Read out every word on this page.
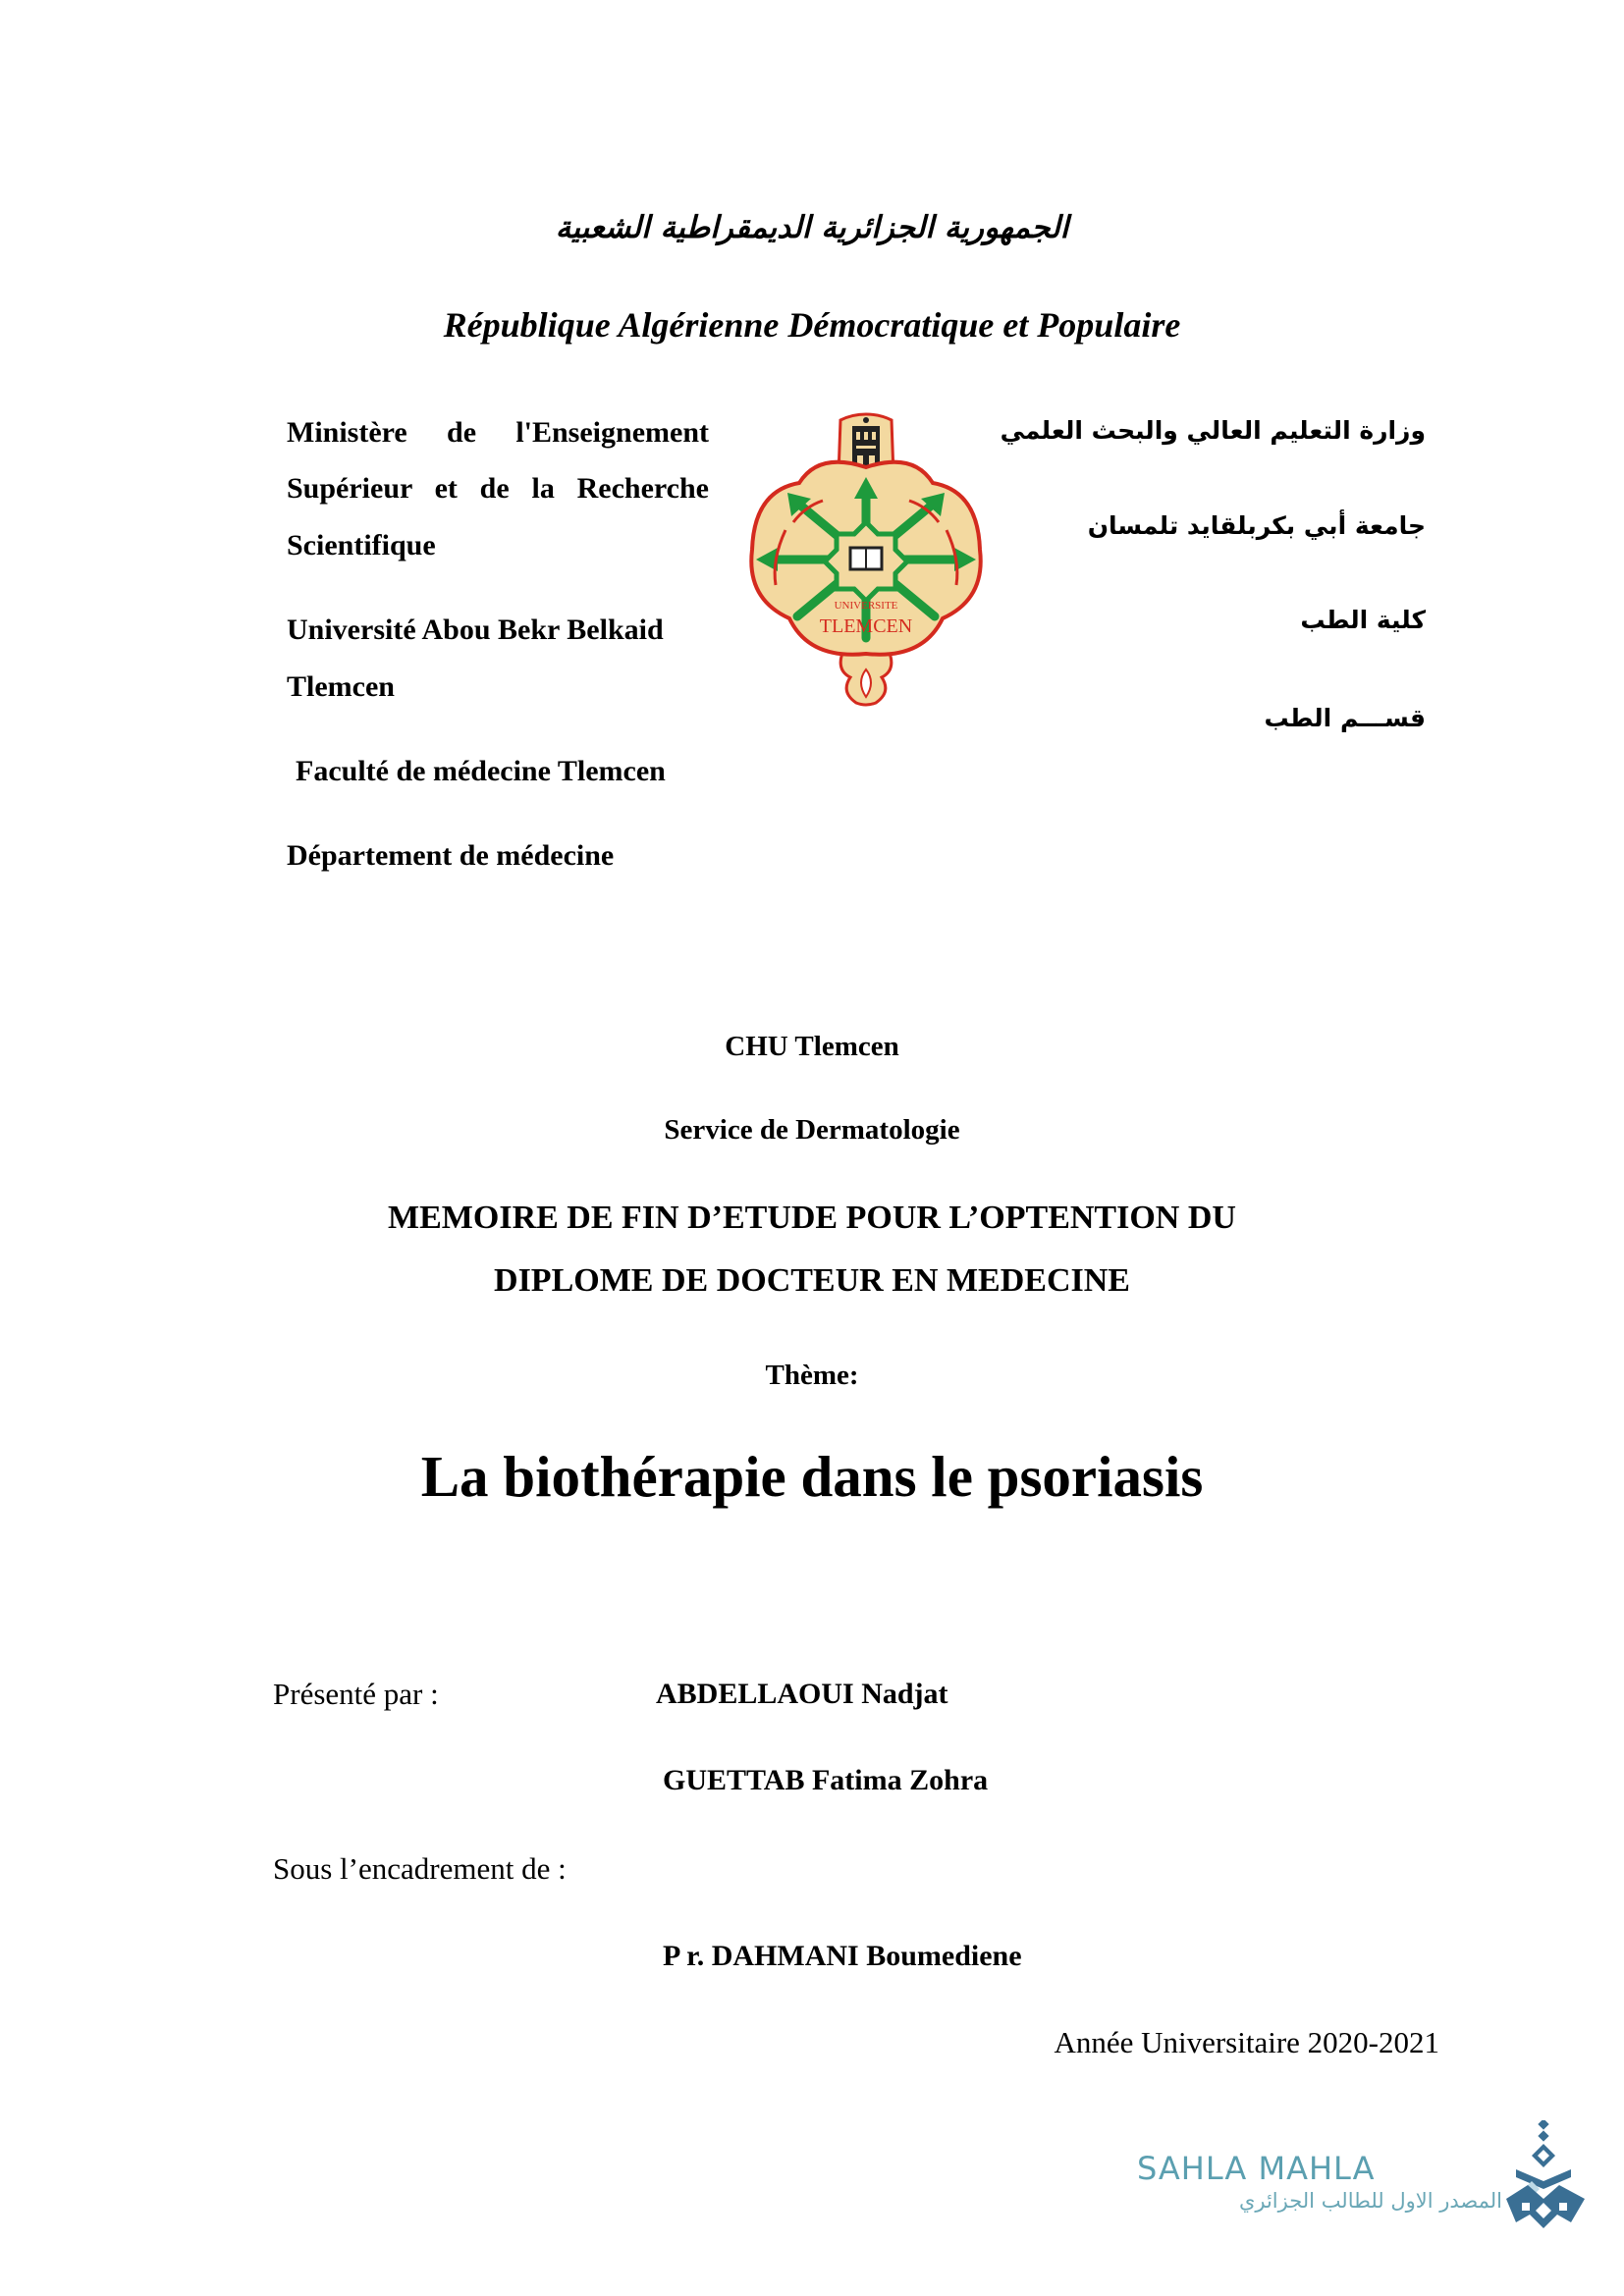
الجمهورية الجزائرية الديمقراطية الشعبية
République Algérienne Démocratique et Populaire
Ministère de l'Enseignement
Supérieur et de la Recherche
Scientifique
Université Abou Bekr Belkaid
Tlemcen
Faculté de médecine Tlemcen
Département de médecine
UNIVERSITE
TLEMCEN
وزارة التعليم العالي والبحث العلمي
جامعة أبي بكربلقايد تلمسان
كلية الطب
قســـم الطب
CHU Tlemcen
Service de Dermatologie
MEMOIRE DE FIN D’ETUDE POUR L’OPTENTION DU
DIPLOME DE DOCTEUR EN MEDECINE
Thème:
La biothérapie dans le psoriasis
Présenté par :	ABDELLAOUI Nadjat
GUETTAB Fatima Zohra
Sous l’encadrement de :
P r. DAHMANI Boumediene
Année Universitaire 2020-2021
SAHLA MAHLA
المصدر الاول للطالب الجزائري
